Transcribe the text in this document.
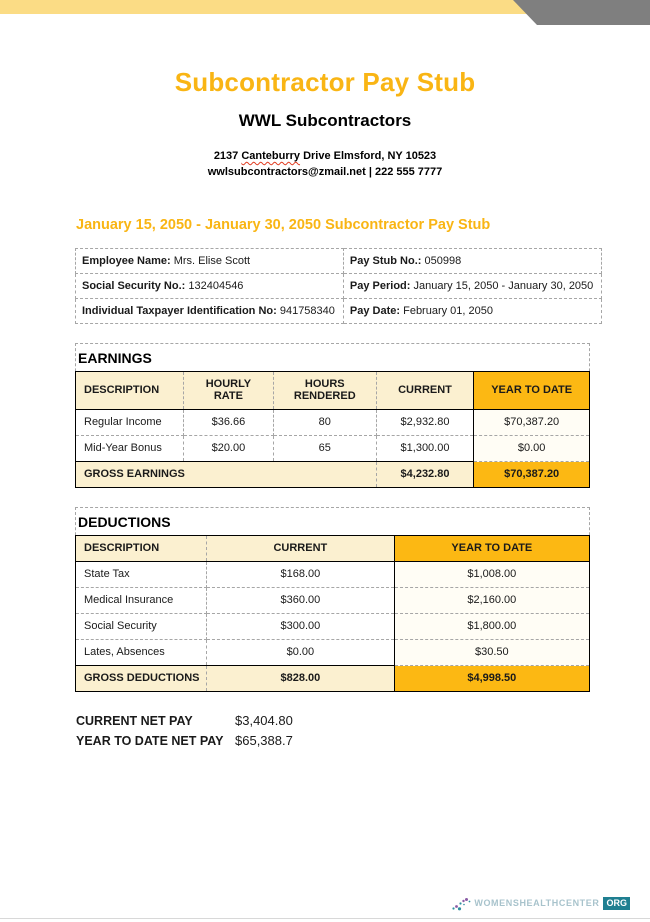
Subcontractor Pay Stub
WWL Subcontractors
2137 Canteburry Drive Elmsford, NY 10523
wwlsubcontractors@zmail.net | 222 555 7777
January 15, 2050 - January 30, 2050 Subcontractor Pay Stub
Employee Name: Mrs. Elise Scott	Pay Stub No.: 050998
Social Security No.: 132404546	Pay Period: January 15, 2050 - January 30, 2050
Individual Taxpayer Identification No: 941758340	Pay Date: February 01, 2050
EARNINGS
DESCRIPTION	HOURLY RATE	HOURS RENDERED	CURRENT	YEAR TO DATE
Regular Income	$36.66	80	$2,932.80	$70,387.20
Mid-Year Bonus	$20.00	65	$1,300.00	$0.00
GROSS EARNINGS			$4,232.80	$70,387.20
DEDUCTIONS
DESCRIPTION	CURRENT	YEAR TO DATE
State Tax	$168.00	$1,008.00
Medical Insurance	$360.00	$2,160.00
Social Security	$300.00	$1,800.00
Lates, Absences	$0.00	$30.50
GROSS DEDUCTIONS	$828.00	$4,998.50
CURRENT NET PAY	$3,404.80
YEAR TO DATE NET PAY $65,388.7
WOMENSHEALTHCENTER ORG
